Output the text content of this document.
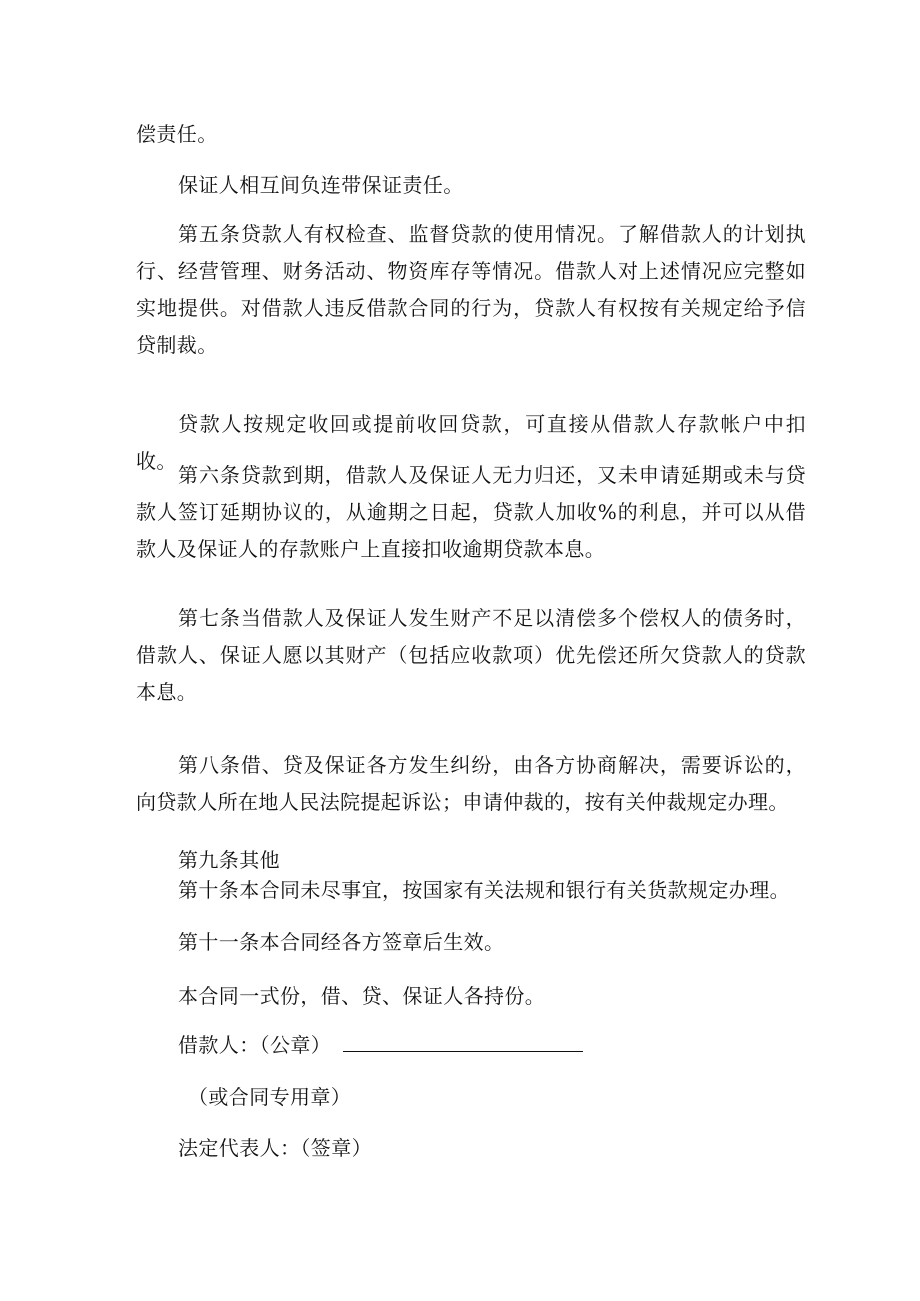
偿责任。

保证人相互间负连带保证责任。

第五条贷款人有权检查、监督贷款的使用情况。了解借款人的计划执行、经营管理、财务活动、物资库存等情况。借款人对上述情况应完整如实地提供。对借款人违反借款合同的行为，贷款人有权按有关规定给予信贷制裁。

贷款人按规定收回或提前收回贷款，可直接从借款人存款帐户中扣收。

第六条贷款到期，借款人及保证人无力归还，又未申请延期或未与贷款人签订延期协议的，从逾期之日起，贷款人加收%的利息，并可以从借款人及保证人的存款账户上直接扣收逾期贷款本息。

第七条当借款人及保证人发生财产不足以清偿多个偿权人的债务时，借款人、保证人愿以其财产（包括应收款项）优先偿还所欠贷款人的贷款本息。

第八条借、贷及保证各方发生纠纷，由各方协商解决，需要诉讼的，向贷款人所在地人民法院提起诉讼；申请仲裁的，按有关仲裁规定办理。

第九条其他

第十条本合同未尽事宜，按国家有关法规和银行有关货款规定办理。

第十一条本合同经各方签章后生效。

本合同一式份，借、贷、保证人各持份。

借款人：（公章）

（或合同专用章）

法定代表人：（签章）
